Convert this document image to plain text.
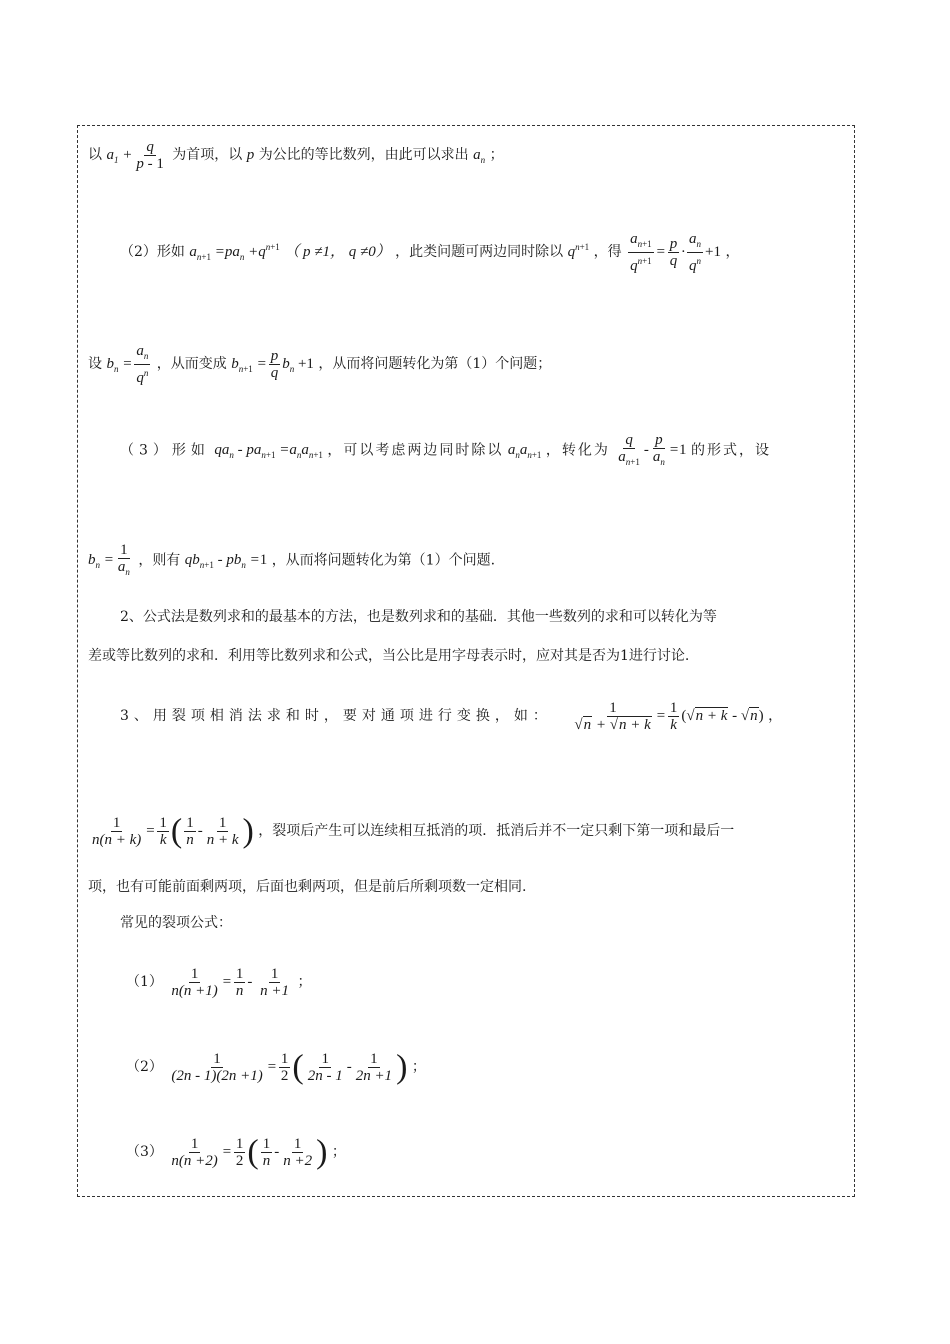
以 $a_1 + \frac{q}{p - 1}$ 为首项，以 p 为公比的等比数列，由此可以求出 $a_n$ ；
（2）形如 $a_{n+1} =pa_n +q^{n+1}$ （ p ≠1， q ≠0） ，此类问题可两边同时除以 $q^{n+1}$ ，得 $\frac{a_{n+1}}{q^{n+1}} = \frac{p}{q} \cdot \frac{a_n}{q^n} +1$ ，
设 $b_n = \frac{a_n}{q^n}$ ，从而变成 $b_{n+1} = \frac{p}{q} b_n +1$ ，从而将问题转化为第（1）个问题；
（3）形如 $qa_n - pa_{n+1} =a_na_{n+1}$ ，可以考虑两边同时除以 $a_na_{n+1}$ ，转化为 $\frac{q}{a_{n+1}} - \frac{p}{a_n} =1$ 的形式，设
$b_n = \frac{1}{a_n}$ ，则有 $qb_{n+1} - pb_n =1$ ，从而将问题转化为第（1）个问题.
2、公式法是数列求和的最基本的方法，也是数列求和的基础．其他一些数列的求和可以转化为等
差或等比数列的求和．利用等比数列求和公式，当公比是用字母表示时，应对其是否为1进行讨论.
3、用裂项相消法求和时，要对通项进行变换，如： $\frac{1}{√n + √n + k} = \frac{1}{k} (√n + k - √n)$ ，
$\frac{1}{n(n + k)} = \frac{1}{k}$ ( $\frac{1}{n} - \frac{1}{n + k}$ ) ，裂项后产生可以连续相互抵消的项．抵消后并不一定只剩下第一项和最后一
项，也有可能前面剩两项，后面也剩两项，但是前后所剩项数一定相同.
常见的裂项公式：
$(1) \frac{1}{n(n +1)} = \frac{1}{n} - \frac{1}{n +1}$ ；
$(2) \frac{1}{(2n - 1)(2n +1)} = \frac{1}{2}$ ( $\frac{1}{2n - 1} - \frac{1}{2n +1}$ ) ；
$(3) \frac{1}{n(n +2)} = \frac{1}{2}$ ( $\frac{1}{n} - \frac{1}{n +2}$ ) ；
